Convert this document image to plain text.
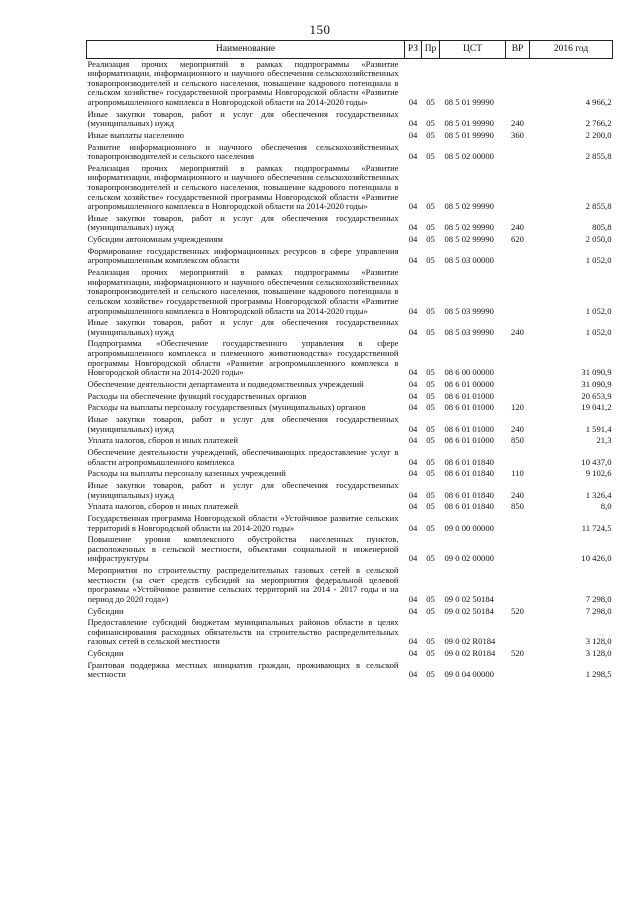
150
Наименование	РЗ	Пр	ЦСТ	ВР	2016 год
Реализация прочих мероприятий в рамках подпрограммы «Развитие информатизации, информационного и научного обеспечения сельскохозяйственных товаропроизводителей и сельского населения, повышение кадрового потенциала в сельском хозяйстве» государственной программы Новгородской области «Развитие агропромышленного комплекса в Новгородской области на 2014-2020 годы»	04	05	08 5 01 99990		4 966,2
Иные закупки товаров, работ и услуг для обеспечения государственных (муниципальных) нужд	04	05	08 5 01 99990	240	2 766,2
Иные выплаты населению	04	05	08 5 01 99990	360	2 200,0
Развитие информационного и научного обеспечения сельскохозяйственных товаропроизводителей и сельского населения	04	05	08 5 02 00000		2 855,8
Реализация прочих мероприятий в рамках подпрограммы «Развитие информатизации, информационного и научного обеспечения сельскохозяйственных товаропроизводителей и сельского населения, повышение кадрового потенциала в сельском хозяйстве» государственной программы Новгородской области «Развитие агропромышленного комплекса в Новгородской области на 2014-2020 годы»	04	05	08 5 02 99990		2 855,8
Иные закупки товаров, работ и услуг для обеспечения государственных (муниципальных) нужд	04	05	08 5 02 99990	240	805,8
Субсидии автономным учреждениям	04	05	08 5 02 99990	620	2 050,0
Формирование государственных информационных ресурсов в сфере управления агропромышленным комплексом области	04	05	08 5 03 00000		1 052,0
Реализация прочих мероприятий в рамках подпрограммы «Развитие информатизации, информационного и научного обеспечения сельскохозяйственных товаропроизводителей и сельского населения, повышение кадрового потенциала в сельском хозяйстве» государственной программы Новгородской области «Развитие агропромышленного комплекса в Новгородской области на 2014-2020 годы»	04	05	08 5 03 99990		1 052,0
Иные закупки товаров, работ и услуг для обеспечения государственных (муниципальных) нужд	04	05	08 5 03 99990	240	1 052,0
Подпрограмма «Обеспечение государственного управления в сфере агропромышленного комплекса и племенного животноводства» государственной программы Новгородской области «Развитие агропромышленного комплекса в Новгородской области на 2014-2020 годы»	04	05	08 6 00 00000		31 090,9
Обеспечение деятельности департамента и подведомственных учреждений	04	05	08 6 01 00000		31 090,9
Расходы на обеспечение функций государственных органов	04	05	08 6 01 01000		20 653,9
Расходы на выплаты персоналу государственных (муниципальных) органов	04	05	08 6 01 01000	120	19 041,2
Иные закупки товаров, работ и услуг для обеспечения государственных (муниципальных) нужд	04	05	08 6 01 01000	240	1 591,4
Уплата налогов, сборов и иных платежей	04	05	08 6 01 01000	850	21,3
Обеспечение деятельности учреждений, обеспечивающих предоставление услуг в области агропромышленного комплекса	04	05	08 6 01 01840		10 437,0
Расходы на выплаты персоналу казенных учреждений	04	05	08 6 01 01840	110	9 102,6
Иные закупки товаров, работ и услуг для обеспечения государственных (муниципальных) нужд	04	05	08 6 01 01840	240	1 326,4
Уплата налогов, сборов и иных платежей	04	05	08 6 01 01840	850	8,0
Государственная программа Новгородской области «Устойчивое развитие сельских территорий в Новгородской области на 2014-2020 годы»	04	05	09 0 00 00000		11 724,5
Повышение уровня комплексного обустройства населенных пунктов, расположенных в сельской местности, объектами социальной и инженерной инфраструктуры	04	05	09 0 02 00000		10 426,0
Мероприятия по строительству распределительных газовых сетей в сельской местности (за счет средств субсидий на мероприятия федеральной целевой программы «Устойчивое развитие сельских территорий на 2014 - 2017 годы и на период до 2020 года»)	04	05	09 0 02 50184		7 298,0
Субсидии	04	05	09 0 02 50184	520	7 298,0
Предоставление субсидий бюджетам муниципальных районов области в целях софинансирования расходных обязательств на строительство распределительных газовых сетей в сельской местности	04	05	09 0 02 R0184		3 128,0
Субсидии	04	05	09 0 02 R0184	520	3 128,0
Грантовая поддержка местных инициатив граждан, проживающих в сельской местности	04	05	09 0 04 00000		1 298,5
